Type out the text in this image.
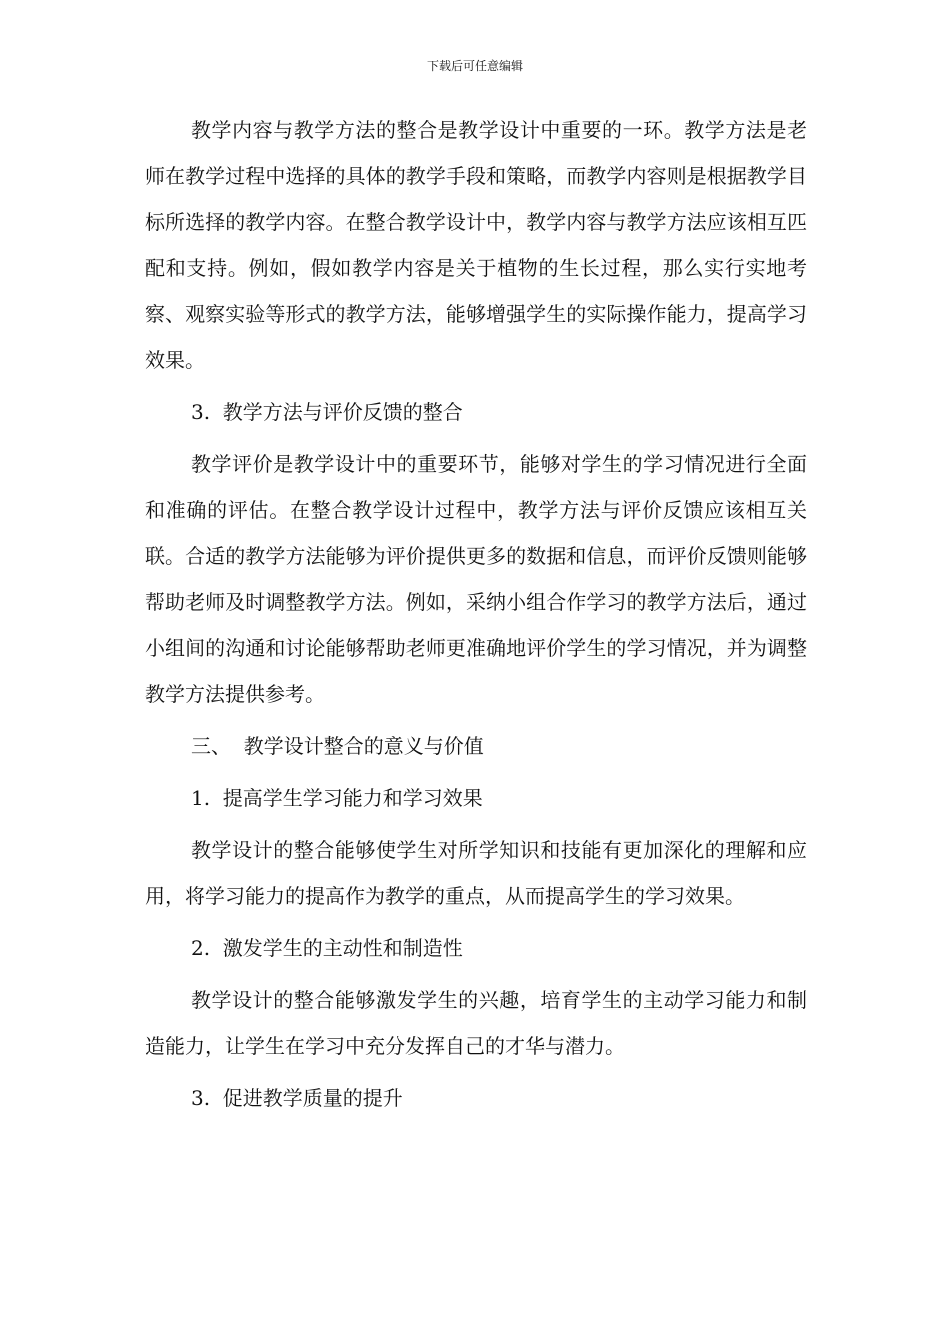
下载后可任意编辑

教学内容与教学方法的整合是教学设计中重要的一环。教学方法是老师在教学过程中选择的具体的教学手段和策略，而教学内容则是根据教学目标所选择的教学内容。在整合教学设计中，教学内容与教学方法应该相互匹配和支持。例如，假如教学内容是关于植物的生长过程，那么实行实地考察、观察实验等形式的教学方法，能够增强学生的实际操作能力，提高学习效果。

3.  教学方法与评价反馈的整合

教学评价是教学设计中的重要环节，能够对学生的学习情况进行全面和准确的评估。在整合教学设计过程中，教学方法与评价反馈应该相互关联。合适的教学方法能够为评价提供更多的数据和信息，而评价反馈则能够帮助老师及时调整教学方法。例如，采纳小组合作学习的教学方法后，通过小组间的沟通和讨论能够帮助老师更准确地评价学生的学习情况，并为调整教学方法提供参考。

三、  教学设计整合的意义与价值

1.  提高学生学习能力和学习效果

教学设计的整合能够使学生对所学知识和技能有更加深化的理解和应用，将学习能力的提高作为教学的重点，从而提高学生的学习效果。

2.  激发学生的主动性和制造性

教学设计的整合能够激发学生的兴趣，培育学生的主动学习能力和制造能力，让学生在学习中充分发挥自己的才华与潜力。

3.  促进教学质量的提升
